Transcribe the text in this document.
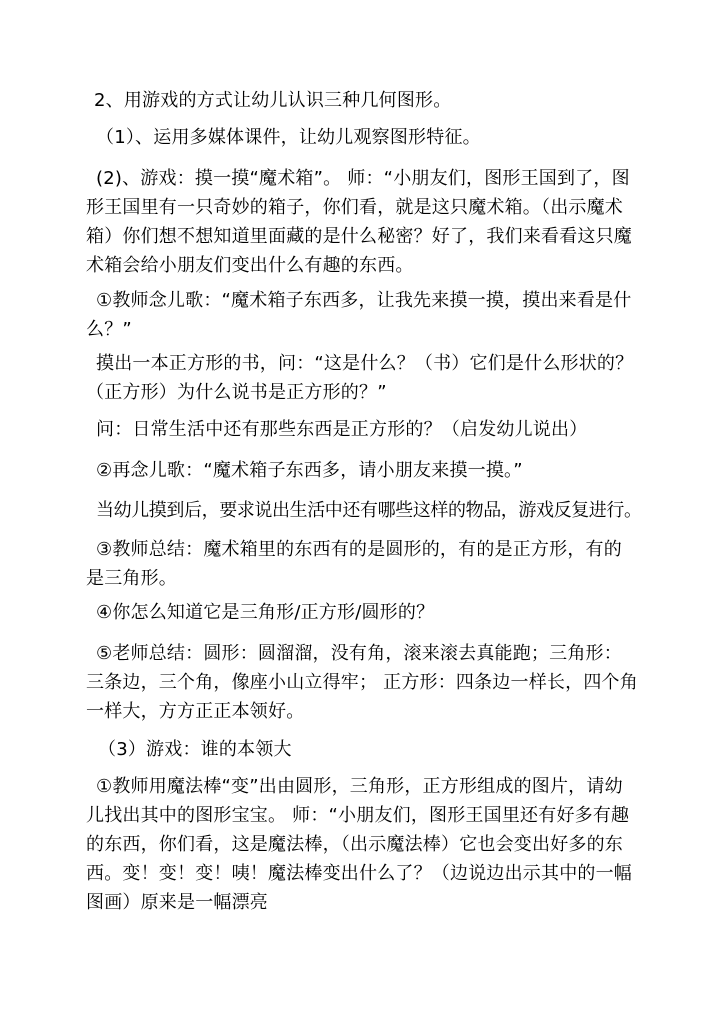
2、用游戏的方式让幼儿认识三种几何图形。

（1）、运用多媒体课件，让幼儿观察图形特征。

(2)、游戏：摸一摸“魔术箱”。 师：“小朋友们，图形王国到了，图形王国里有一只奇妙的箱子，你们看，就是这只魔术箱。（出示魔术箱）你们想不想知道里面藏的是什么秘密？好了，我们来看看这只魔术箱会给小朋友们变出什么有趣的东西。

①教师念儿歌：“魔术箱子东西多，让我先来摸一摸，摸出来看是什么？”

摸出一本正方形的书，问：“这是什么？（书）它们是什么形状的？（正方形）为什么说书是正方形的？”

问：日常生活中还有那些东西是正方形的？（启发幼儿说出）

②再念儿歌：“魔术箱子东西多，请小朋友来摸一摸。”

当幼儿摸到后，要求说出生活中还有哪些这样的物品，游戏反复进行。

③教师总结：魔术箱里的东西有的是圆形的，有的是正方形，有的是三角形。

④你怎么知道它是三角形/正方形/圆形的？

⑤老师总结：圆形：圆溜溜，没有角，滚来滚去真能跑；三角形：三条边，三个角，像座小山立得牢； 正方形：四条边一样长，四个角一样大，方方正正本领好。

（3）游戏：谁的本领大

①教师用魔法棒“变”出由圆形，三角形，正方形组成的图片，请幼儿找出其中的图形宝宝。 师：“小朋友们，图形王国里还有好多有趣的东西，你们看，这是魔法棒，（出示魔法棒）它也会变出好多的东西。变！变！变！咦！魔法棒变出什么了？（边说边出示其中的一幅图画）原来是一幅漂亮
